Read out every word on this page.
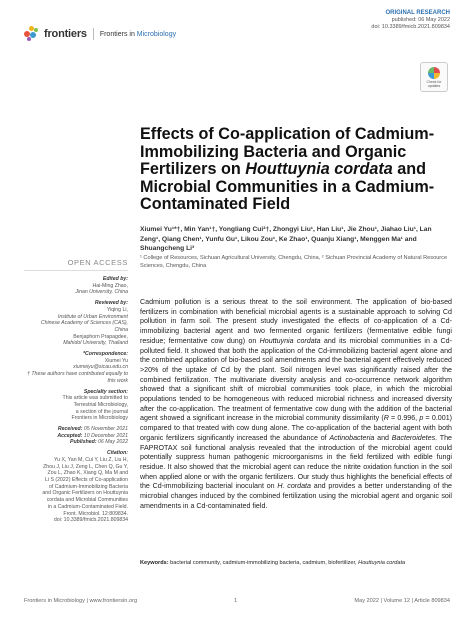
frontiers Frontiers in Microbiology
ORIGINAL RESEARCH
published: 06 May 2022
doi: 10.3389/fmicb.2021.809834
Check for updates
Effects of Co-application of Cadmium-Immobilizing Bacteria and Organic Fertilizers on Houttuynia cordata and Microbial Communities in a Cadmium-Contaminated Field
Xiumei Yu¹*†, Min Yan¹†, Yongliang Cui²†, Zhongyi Liu¹, Han Liu¹, Jie Zhou¹, Jiahao Liu¹, Lan Zeng¹, Qiang Chen¹, Yunfu Gu¹, Likou Zou¹, Ke Zhao¹, Quanju Xiang¹, Menggen Ma¹ and Shuangcheng Li³
¹ College of Resources, Sichuan Agricultural University, Chengdu, China, ² Sichuan Provincial Academy of Natural Resource Sciences, Chengdu, China
OPEN ACCESS
Edited by:
Hai-Ming Zhao,
Jinan University, China
Reviewed by:
Yiqing Li,
Institute of Urban Environment
Chinese Academy of Sciences (CAS),
China
Benjaphorn Prapagdee,
Mahidol University, Thailand
*Correspondence:
Xiumei Yu
xiumeiyu@sicau.edu.cn
† These authors have contributed equally to this work
Specialty section:
This article was submitted to
Terrestrial Microbiology,
a section of the journal
Frontiers in Microbiology
Received: 05 November 2021
Accepted: 10 December 2021
Published: 06 May 2022
Citation:
Yu X, Yan M, Cui Y, Liu Z, Liu H,
Zhou J, Liu J, Zeng L, Chen Q, Gu Y,
Zou L, Zhao K, Xiang Q, Ma M and
Li S (2022) Effects of Co-application
of Cadmium-Immobilizing Bacteria
and Organic Fertilizers on Houttuynia
cordata and Microbial Communities
in a Cadmium-Contaminated Field.
Front. Microbiol. 12:809834.
doi: 10.3389/fmicb.2021.809834

Cadmium pollution is a serious threat to the soil environment. The application of bio-based fertilizers in combination with beneficial microbial agents is a sustainable approach to solving Cd pollution in farm soil. The present study investigated the effects of co-application of a Cd-immobilizing bacterial agent and two fermented organic fertilizers (fermentative edible fungi residue; fermentative cow dung) on Houttuynia cordata and its microbial communities in a Cd-polluted field. It showed that both the application of the Cd-immobilizing bacterial agent alone and the combined application of bio-based soil amendments and the bacterial agent effectively reduced >20% of the uptake of Cd by the plant. Soil nitrogen level was significantly raised after the combined fertilization. The multivariate diversity analysis and co-occurrence network algorithm showed that a significant shift of microbial communities took place, in which the microbial populations tended to be homogeneous with reduced microbial richness and increased diversity after the co-application. The treatment of fermentative cow dung with the addition of the bacterial agent showed a significant increase in the microbial community dissimilarity (R = 0.996, p = 0.001) compared to that treated with cow dung alone. The co-application of the bacterial agent with both organic fertilizers significantly increased the abundance of Actinobacteria and Bacteroidetes. The FAPROTAX soil functional analysis revealed that the introduction of the microbial agent could potentially suppress human pathogenic microorganisms in the field fertilized with edible fungi residue. It also showed that the microbial agent can reduce the nitrite oxidation function in the soil when applied alone or with the organic fertilizers. Our study thus highlights the beneficial effects of the Cd-immobilizing bacterial inoculant on H. cordata and provides a better understanding of the microbial changes induced by the combined fertilization using the microbial agent and organic soil amendments in a Cd-contaminated field.

Keywords: bacterial community, cadmium-immobilizing bacteria, cadmium, biofertilizer, Houttuynia cordata
Frontiers in Microbiology | www.frontiersin.org	1	May 2022 | Volume 12 | Article 809834
